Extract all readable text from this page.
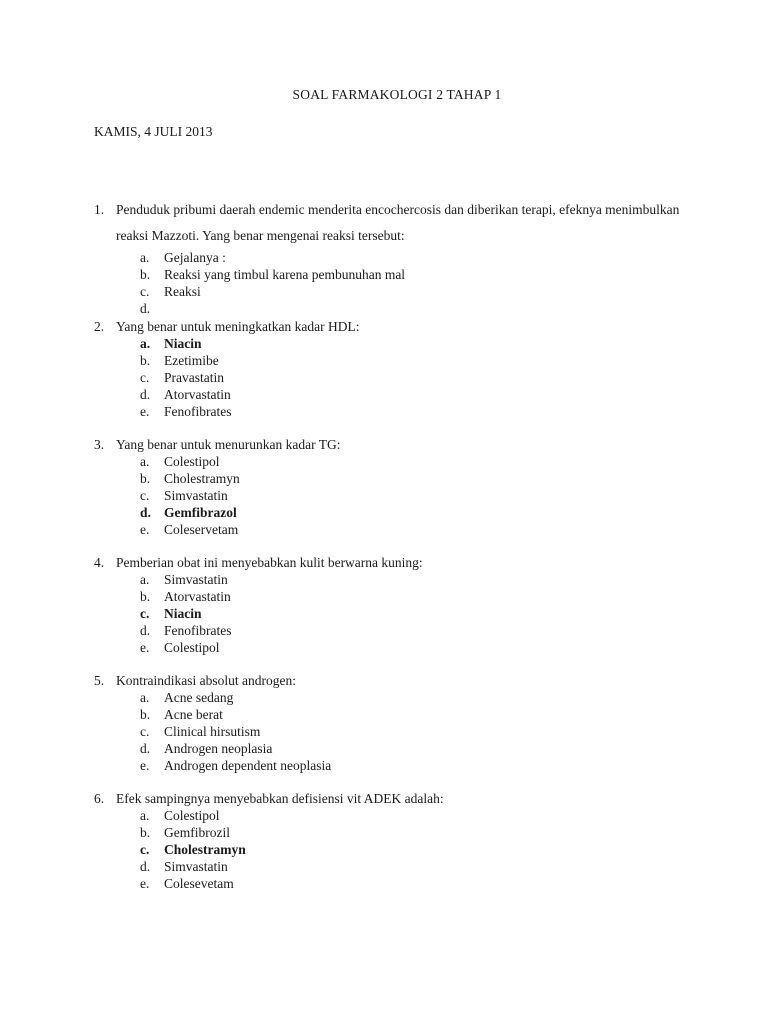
SOAL FARMAKOLOGI 2 TAHAP 1
KAMIS, 4 JULI 2013
1. Penduduk pribumi daerah endemic menderita encochercosis dan diberikan terapi, efeknya menimbulkan reaksi Mazzoti. Yang benar mengenai reaksi tersebut:
a. Gejalanya :
b. Reaksi yang timbul karena pembunuhan mal
c. Reaksi
d.
2. Yang benar untuk meningkatkan kadar HDL:
a. Niacin
b. Ezetimibe
c. Pravastatin
d. Atorvastatin
e. Fenofibrates
3. Yang benar untuk menurunkan kadar TG:
a. Colestipol
b. Cholestramyn
c. Simvastatin
d. Gemfibrazol
e. Coleservetam
4. Pemberian obat ini menyebabkan kulit berwarna kuning:
a. Simvastatin
b. Atorvastatin
c. Niacin
d. Fenofibrates
e. Colestipol
5. Kontraindikasi absolut androgen:
a. Acne sedang
b. Acne berat
c. Clinical hirsutism
d. Androgen neoplasia
e. Androgen dependent neoplasia
6. Efek sampingnya menyebabkan defisiensi vit ADEK adalah:
a. Colestipol
b. Gemfibrozil
c. Cholestramyn
d. Simvastatin
e. Colesevetam
